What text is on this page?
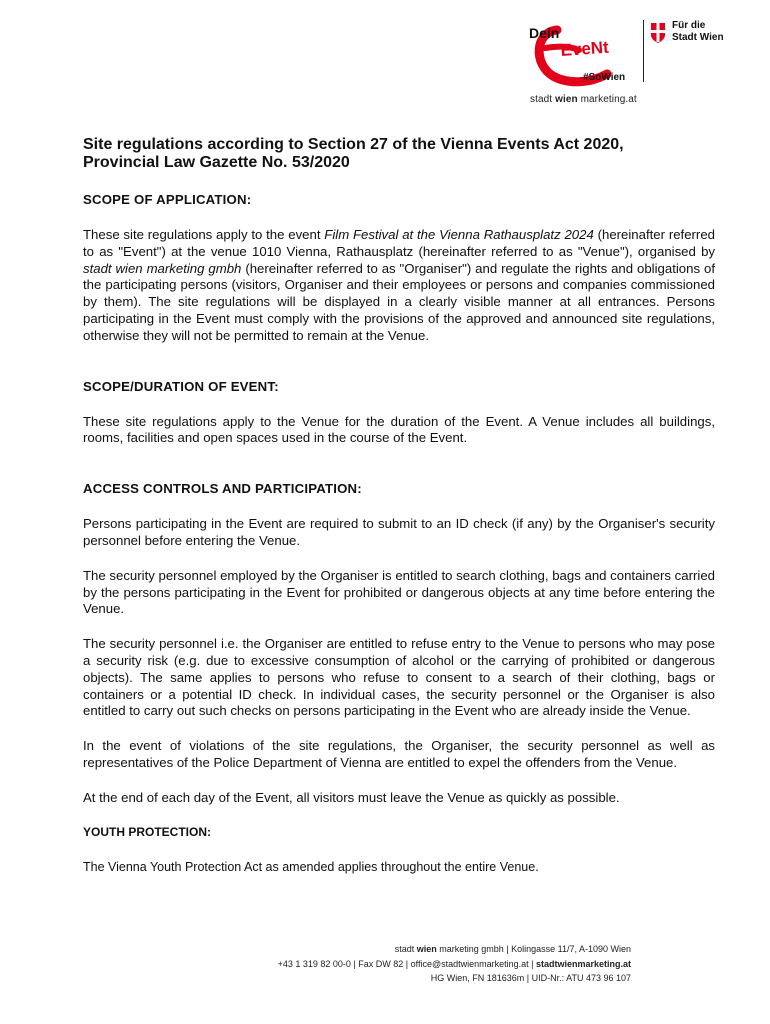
Dein
EveNt
#SoWien
Für die
Stadt Wien
stadt wien marketing.at
Site regulations according to Section 27 of the Vienna Events Act 2020,
Provincial Law Gazette No. 53/2020
SCOPE OF APPLICATION:

These site regulations apply to the event Film Festival at the Vienna Rathausplatz 2024 (hereinafter referred to as "Event") at the venue 1010 Vienna, Rathausplatz (hereinafter referred to as "Venue"), organised by stadt wien marketing gmbh (hereinafter referred to as "Organiser") and regulate the rights and obligations of the participating persons (visitors, Organiser and their employees or persons and companies commissioned by them). The site regulations will be displayed in a clearly visible manner at all entrances. Persons participating in the Event must comply with the provisions of the approved and announced site regulations, otherwise they will not be permitted to remain at the Venue.

SCOPE/DURATION OF EVENT:

These site regulations apply to the Venue for the duration of the Event. A Venue includes all buildings, rooms, facilities and open spaces used in the course of the Event.

ACCESS CONTROLS AND PARTICIPATION:

Persons participating in the Event are required to submit to an ID check (if any) by the Organiser's security personnel before entering the Venue.

The security personnel employed by the Organiser is entitled to search clothing, bags and containers carried by the persons participating in the Event for prohibited or dangerous objects at any time before entering the Venue.

The security personnel i.e. the Organiser are entitled to refuse entry to the Venue to persons who may pose a security risk (e.g. due to excessive consumption of alcohol or the carrying of prohibited or dangerous objects). The same applies to persons who refuse to consent to a search of their clothing, bags or containers or a potential ID check. In individual cases, the security personnel or the Organiser is also entitled to carry out such checks on persons participating in the Event who are already inside the Venue.

In the event of violations of the site regulations, the Organiser, the security personnel as well as representatives of the Police Department of Vienna are entitled to expel the offenders from the Venue.

At the end of each day of the Event, all visitors must leave the Venue as quickly as possible.

YOUTH PROTECTION:

The Vienna Youth Protection Act as amended applies throughout the entire Venue.

stadt wien marketing gmbh | Kolingasse 11/7, A-1090 Wien
+43 1 319 82 00-0 | Fax DW 82 | office@stadtwienmarketing.at | stadtwienmarketing.at
HG Wien, FN 181636m | UID-Nr.: ATU 473 96 107
